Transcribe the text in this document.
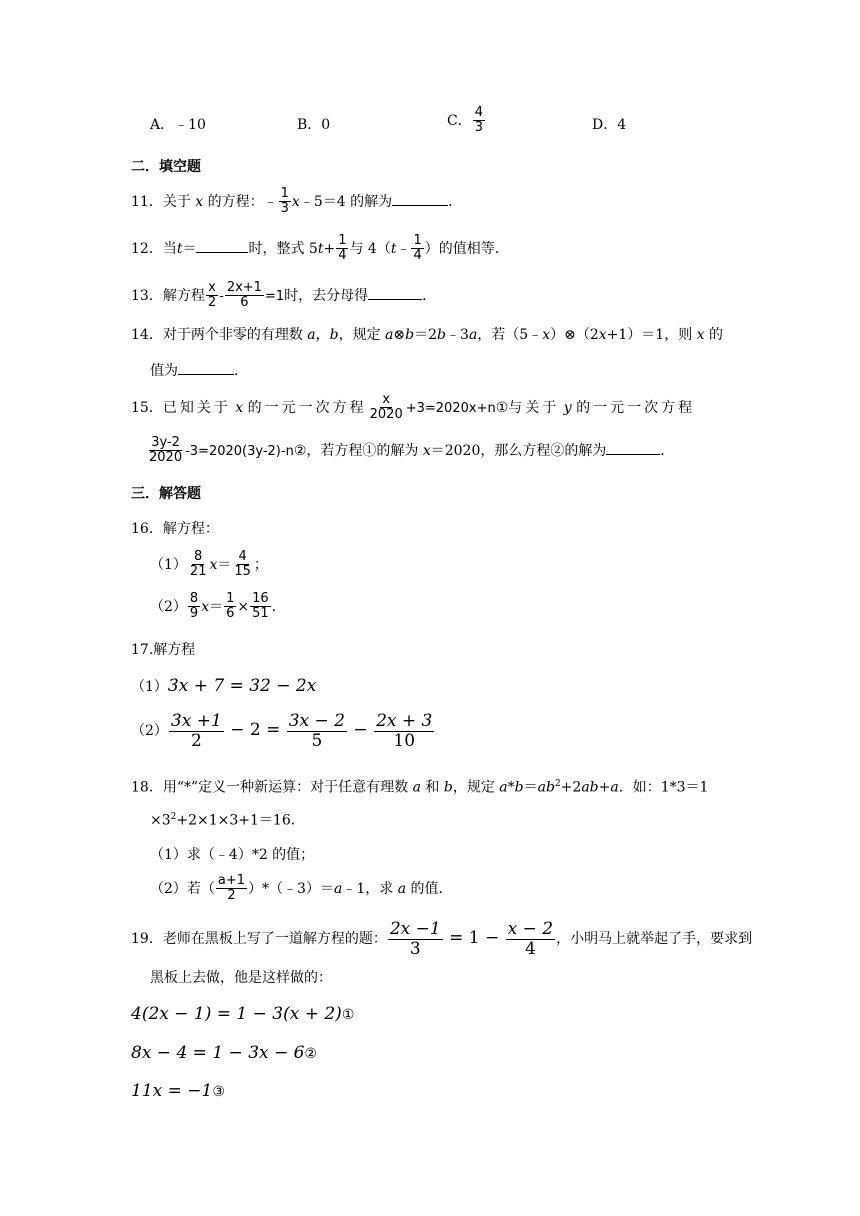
A．﹣10	B．0	C． $\frac{4}{3}$	D．4
二．填空题
11．关于 x 的方程：﹣ $\frac{1}{3}$ x﹣5＝4 的解为	．
12．当t＝	时，整式 $5t+ \frac{1}{4}$ 与 4（t﹣ $\frac{1}{4}$ ）的值相等．
13．解方程 $\frac{x}{2} - \frac{2x+1}{6} =1$时，去分母得	．
14．对于两个非零的有理数 a，b，规定 a⊗b＝2b﹣3a，若（5﹣x）⊗（2x+1）＝1，则 x 的
值为	．
15．已知关于 x 的一元一次方程 $\frac{x}{2020}$ +3=2020x+n①与关于 y 的一元一次方程
$\frac{3y-2}{2020}$ -3=2020(3y-2)-n②，若方程①的解为 x＝2020，那么方程②的解为	．
三．解答题
16．解方程：
$(1) \frac{8}{21} x= \frac{4}{15}$ ；
$(2) \frac{8}{9} x= \frac{1}{6} \times \frac{16}{51}$ .
17.解方程
（1）3x + 7 = 32 − 2x
$(2) \frac{3x +1}{2} - 2 = \frac{3x - 2}{5} - \frac{2x + 3}{10}$
18．用“*”定义一种新运算：对于任意有理数 a 和 b，规定 $a*b=ab^2+2ab+a$．如：1*3＝1
$\times 3^2+2\times 1\times 3+1=16$．
（1）求（﹣4）*2 的值；
（2）若（ $\frac{a+1}{2}$ ）*（﹣3）＝a﹣1，求 a 的值．
19．老师在黑板上写了一道解方程的题： $\frac{2x -1}{3} = 1 - \frac{x - 2}{4}$ ，小明马上就举起了手，要求到
黑板上去做，他是这样做的：
4(2x − 1) = 1 − 3(x + 2)①
8x − 4 = 1 − 3x − 6②
11x = −1③
